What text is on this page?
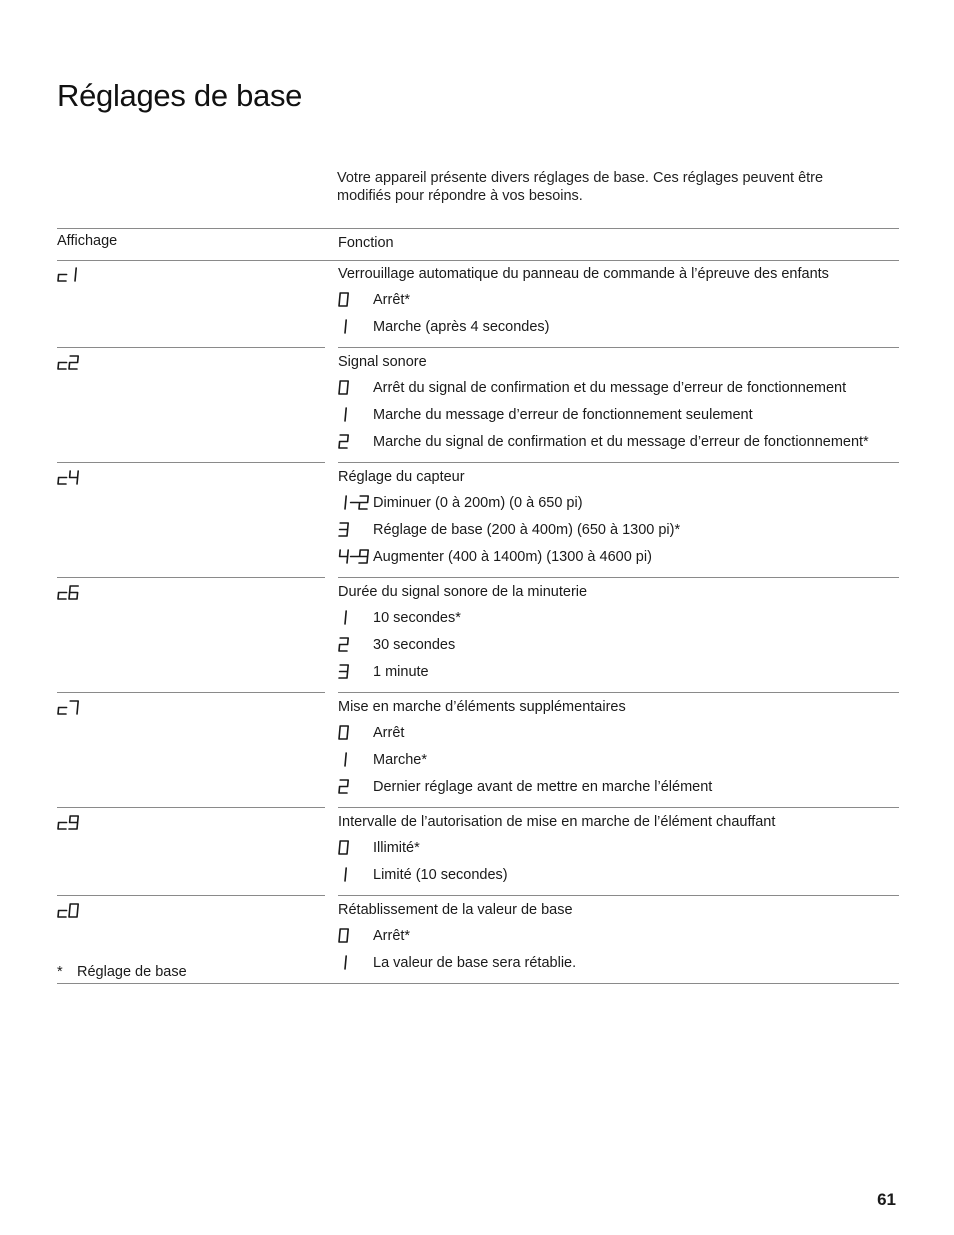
Réglages de base

Votre appareil présente divers réglages de base. Ces réglages peuvent être modifiés pour répondre à vos besoins.

Affichage	Fonction
Verrouillage automatique du panneau de commande à l’épreuve des enfants
Arrêt*
Marche (après 4 secondes)
Signal sonore
Arrêt du signal de confirmation et du message d’erreur de fonctionnement
Marche du message d’erreur de fonctionnement seulement
Marche du signal de confirmation et du message d’erreur de fonctionnement*
Réglage du capteur
Diminuer (0 à 200m) (0 à 650 pi)
Réglage de base (200 à 400m) (650 à 1300 pi)*
Augmenter (400 à 1400m) (1300 à 4600 pi)
Durée du signal sonore de la minuterie
10 secondes*
30 secondes
1 minute
Mise en marche d’éléments supplémentaires
Arrêt
Marche*
Dernier réglage avant de mettre en marche l’élément
Intervalle de l’autorisation de mise en marche de l’élément chauffant
Illimité*
Limité (10 secondes)
Rétablissement de la valeur de base
Arrêt*
La valeur de base sera rétablie.
* Réglage de base
61
